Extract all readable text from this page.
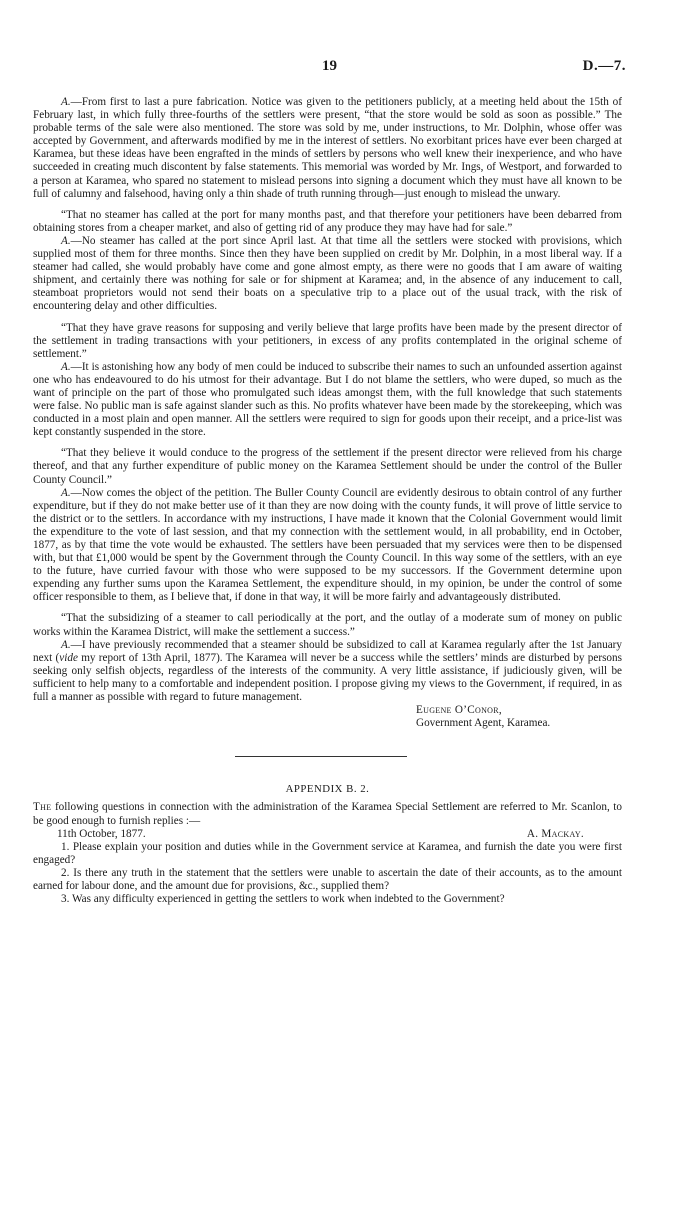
19	D.—7.

A.—From first to last a pure fabrication. Notice was given to the petitioners publicly, at a meeting held about the 15th of February last, in which fully three-fourths of the settlers were present, “that the store would be sold as soon as possible.” The probable terms of the sale were also mentioned. The store was sold by me, under instructions, to Mr. Dolphin, whose offer was accepted by Government, and afterwards modified by me in the interest of settlers. No exorbitant prices have ever been charged at Karamea, but these ideas have been engrafted in the minds of settlers by persons who well knew their inexperience, and who have succeeded in creating much discontent by false statements. This memorial was worded by Mr. Ings, of Westport, and forwarded to a person at Karamea, who spared no statement to mislead persons into signing a document which they must have all known to be full of calumny and falsehood, having only a thin shade of truth running through—just enough to mislead the unwary.

“That no steamer has called at the port for many months past, and that therefore your petitioners have been debarred from obtaining stores from a cheaper market, and also of getting rid of any produce they may have had for sale.”

A.—No steamer has called at the port since April last. At that time all the settlers were stocked with provisions, which supplied most of them for three months. Since then they have been supplied on credit by Mr. Dolphin, in a most liberal way. If a steamer had called, she would probably have come and gone almost empty, as there were no goods that I am aware of waiting shipment, and certainly there was nothing for sale or for shipment at Karamea; and, in the absence of any inducement to call, steamboat proprietors would not send their boats on a speculative trip to a place out of the usual track, with the risk of encountering delay and other difficulties.

“That they have grave reasons for supposing and verily believe that large profits have been made by the present director of the settlement in trading transactions with your petitioners, in excess of any profits contemplated in the original scheme of settlement.”

A.—It is astonishing how any body of men could be induced to subscribe their names to such an unfounded assertion against one who has endeavoured to do his utmost for their advantage. But I do not blame the settlers, who were duped, so much as the want of principle on the part of those who promulgated such ideas amongst them, with the full knowledge that such statements were false. No public man is safe against slander such as this. No profits whatever have been made by the storekeeping, which was conducted in a most plain and open manner. All the settlers were required to sign for goods upon their receipt, and a price-list was kept constantly suspended in the store.

“That they believe it would conduce to the progress of the settlement if the present director were relieved from his charge thereof, and that any further expenditure of public money on the Karamea Settlement should be under the control of the Buller County Council.”

A.—Now comes the object of the petition. The Buller County Council are evidently desirous to obtain control of any further expenditure, but if they do not make better use of it than they are now doing with the county funds, it will prove of little service to the district or to the settlers. In accordance with my instructions, I have made it known that the Colonial Government would limit the expenditure to the vote of last session, and that my connection with the settlement would, in all probability, end in October, 1877, as by that time the vote would be exhausted. The settlers have been persuaded that my services were then to be dispensed with, but that £1,000 would be spent by the Government through the County Council. In this way some of the settlers, with an eye to the future, have curried favour with those who were supposed to be my successors. If the Government determine upon expending any further sums upon the Karamea Settlement, the expenditure should, in my opinion, be under the control of some officer responsible to them, as I believe that, if done in that way, it will be more fairly and advantageously distributed.

“That the subsidizing of a steamer to call periodically at the port, and the outlay of a moderate sum of money on public works within the Karamea District, will make the settlement a success.”

A.—I have previously recommended that a steamer should be subsidized to call at Karamea regularly after the 1st January next (vide my report of 13th April, 1877). The Karamea will never be a success while the settlers’ minds are disturbed by persons seeking only selfish objects, regardless of the interests of the community. A very little assistance, if judiciously given, will be sufficient to help many to a comfortable and independent position. I propose giving my views to the Government, if required, in as full a manner as possible with regard to future management.

Eugene O’Conor,

Government Agent, Karamea.

APPENDIX B. 2.

The following questions in connection with the administration of the Karamea Special Settlement are referred to Mr. Scanlon, to be good enough to furnish replies :—

11th October, 1877.	A. Mackay.

1. Please explain your position and duties while in the Government service at Karamea, and furnish the date you were first engaged?

2. Is there any truth in the statement that the settlers were unable to ascertain the date of their accounts, as to the amount earned for labour done, and the amount due for provisions, &c., supplied them?

3. Was any difficulty experienced in getting the settlers to work when indebted to the Government?
